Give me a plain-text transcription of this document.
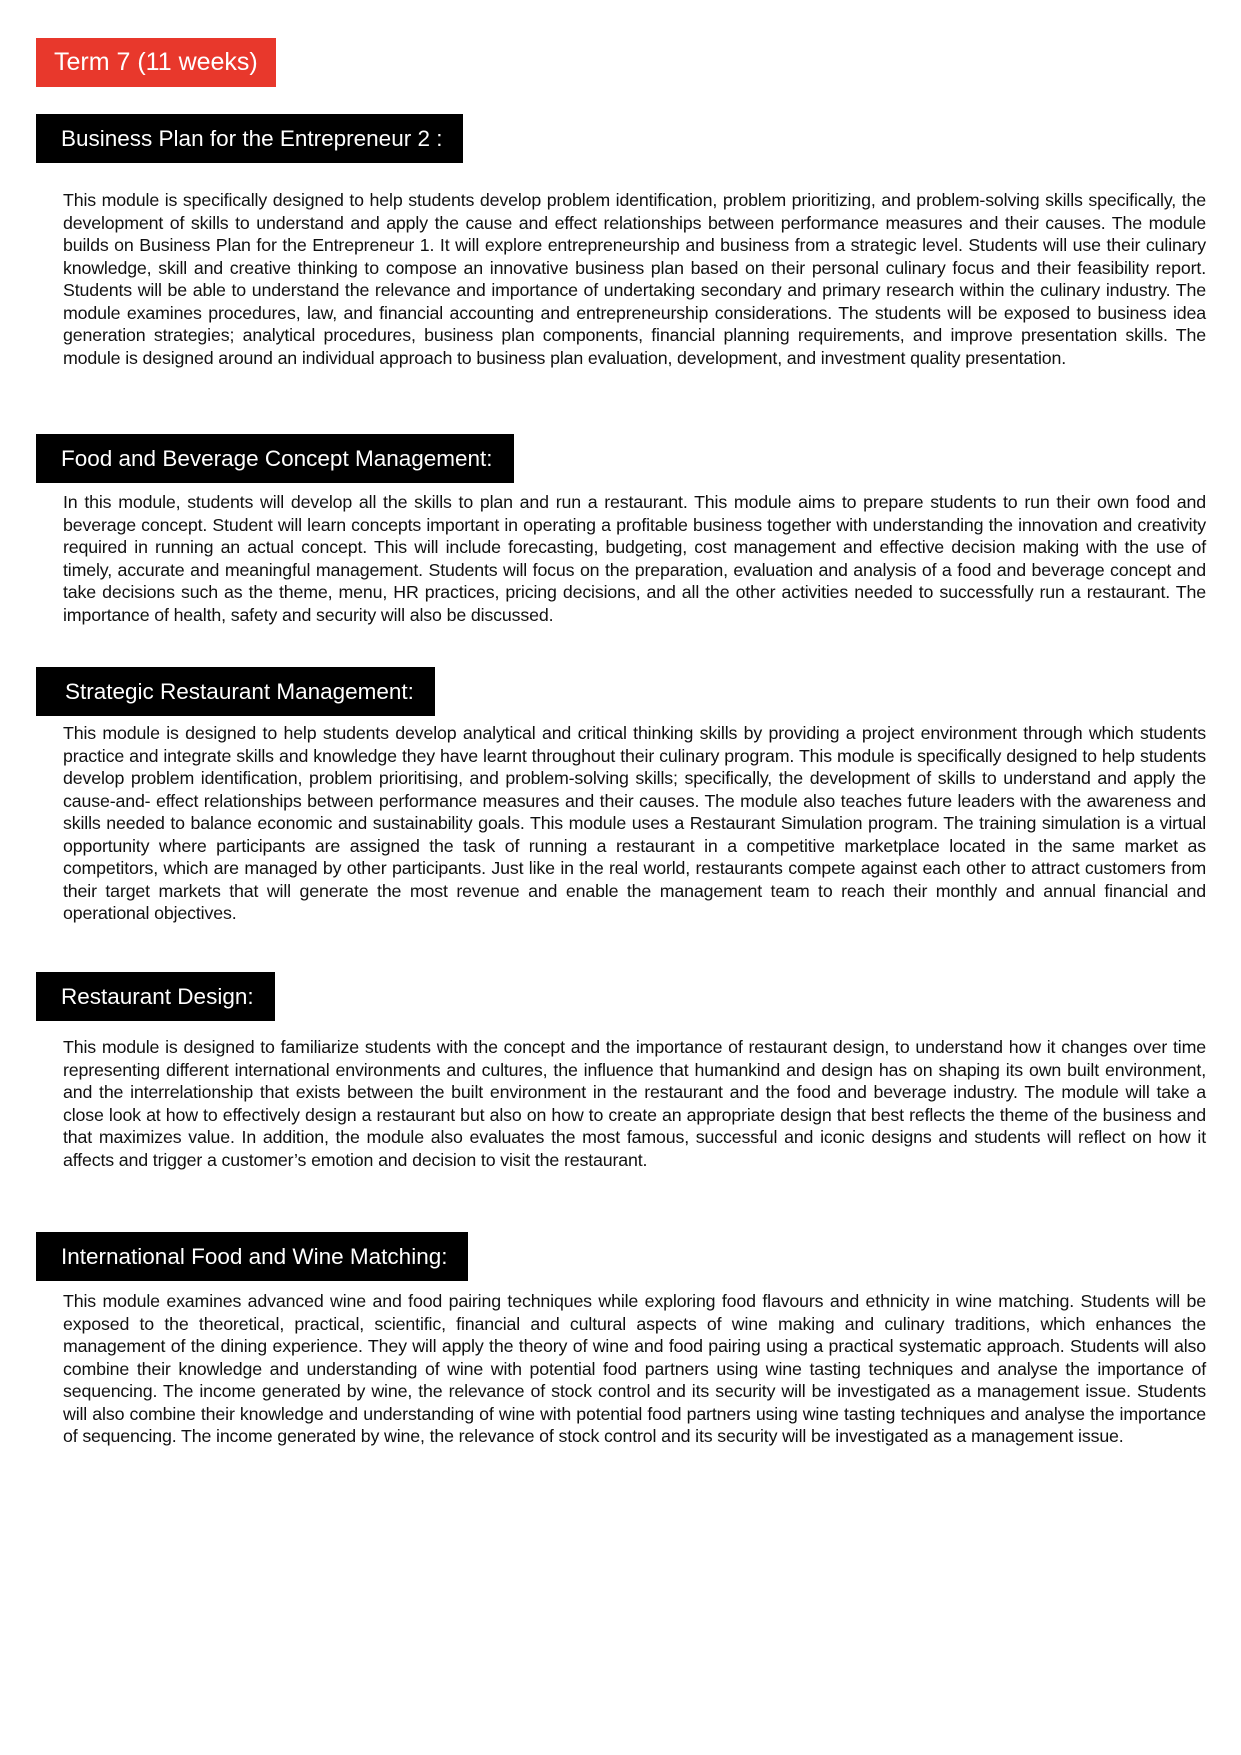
Term 7 (11 weeks)
Business Plan for the Entrepreneur 2 :

This module is specifically designed to help students develop problem identification, problem prioritizing, and problem-solving skills specifically, the development of skills to understand and apply the cause and effect relationships between performance measures and their causes. The module builds on Business Plan for the Entrepreneur 1. It will explore entrepreneurship and business from a strategic level. Students will use their culinary knowledge, skill and creative thinking to compose an innovative business plan based on their personal culinary focus and their feasibility report. Students will be able to understand the relevance and importance of undertaking secondary and primary research within the culinary industry. The module examines procedures, law, and financial accounting and entrepreneurship considerations. The students will be exposed to business idea generation strategies; analytical procedures, business plan components, financial planning requirements, and improve presentation skills. The module is designed around an individual approach to business plan evaluation, development, and investment quality presentation.

Food and Beverage Concept Management:

In this module, students will develop all the skills to plan and run a restaurant. This module aims to prepare students to run their own food and beverage concept. Student will learn concepts important in operating a profitable business together with understanding the innovation and creativity required in running an actual concept. This will include forecasting, budgeting, cost management and effective decision making with the use of timely, accurate and meaningful management. Students will focus on the preparation, evaluation and analysis of a food and beverage concept and take decisions such as the theme, menu, HR practices, pricing decisions, and all the other activities needed to successfully run a restaurant. The importance of health, safety and security will also be discussed.

Strategic Restaurant Management:

This module is designed to help students develop analytical and critical thinking skills by providing a project environment through which students practice and integrate skills and knowledge they have learnt throughout their culinary program. This module is specifically designed to help students develop problem identification, problem prioritising, and problem-solving skills; specifically, the development of skills to understand and apply the cause-and- effect relationships between performance measures and their causes. The module also teaches future leaders with the awareness and skills needed to balance economic and sustainability goals. This module uses a Restaurant Simulation program. The training simulation is a virtual opportunity where participants are assigned the task of running a restaurant in a competitive marketplace located in the same market as competitors, which are managed by other participants. Just like in the real world, restaurants compete against each other to attract customers from their target markets that will generate the most revenue and enable the management team to reach their monthly and annual financial and operational objectives.

Restaurant Design:

This module is designed to familiarize students with the concept and the importance of restaurant design, to understand how it changes over time representing different international environments and cultures, the influence that humankind and design has on shaping its own built environment, and the interrelationship that exists between the built environment in the restaurant and the food and beverage industry. The module will take a close look at how to effectively design a restaurant but also on how to create an appropriate design that best reflects the theme of the business and that maximizes value. In addition, the module also evaluates the most famous, successful and iconic designs and students will reflect on how it affects and trigger a customer’s emotion and decision to visit the restaurant.

International Food and Wine Matching:

This module examines advanced wine and food pairing techniques while exploring food flavours and ethnicity in wine matching. Students will be exposed to the theoretical, practical, scientific, financial and cultural aspects of wine making and culinary traditions, which enhances the management of the dining experience. They will apply the theory of wine and food pairing using a practical systematic approach. Students will also combine their knowledge and understanding of wine with potential food partners using wine tasting techniques and analyse the importance of sequencing. The income generated by wine, the relevance of stock control and its security will be investigated as a management issue. Students will also combine their knowledge and understanding of wine with potential food partners using wine tasting techniques and analyse the importance of sequencing. The income generated by wine, the relevance of stock control and its security will be investigated as a management issue.
